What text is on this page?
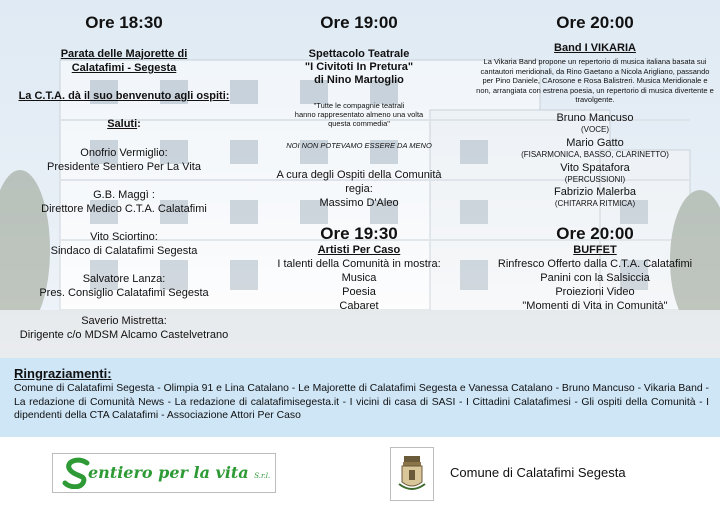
Ore 18:30
Parata delle Majorette di
Calatafimi - Segesta
La C.T.A. dà il suo benvenuto agli ospiti:
Saluti:
Onofrio Vermiglio:
Presidente Sentiero Per La Vita
G.B. Maggì :
Direttore Medico C.T.A. Calatafimi
Vito Sciortino:
Sindaco di Calatafimi Segesta
Salvatore Lanza:
Pres. Consiglio Calatafimi Segesta
Saverio Mistretta:
Dirigente c/o MDSM Alcamo Castelvetrano
Ore 19:00
Spettacolo Teatrale
"I Civitoti In Pretura"
di Nino Martoglio
"Tutte le compagnie teatrali
hanno rappresentato almeno una volta
questa commedia"
NOI NON POTEVAMO ESSERE DA MENO
A cura degli Ospiti della Comunità
regia:
Massimo D'Aleo
Ore 19:30
Artisti Per Caso
I talenti della Comunità in mostra:
Musica
Poesia
Cabaret
Ore 20:00
Band I VIKARIA
La Vikaria Band propone un repertorio di musica italiana basata sui cantautori meridionali, da Rino Gaetano a Nicola Arigliano, passando per Pino Daniele, CArosone e Rosa Balistreri. Musica Meridionale e non, arrangiata con estrena poesia, un repertorio di musica divertente e travolgente.
Bruno Mancuso
(VOCE)
Mario Gatto
(FISARMONICA, BASSO, CLARINETTO)
Vito Spatafora
(PERCUSSIONI)
Fabrizio Malerba
(CHITARRA RITMICA)
Ore 20:00
BUFFET
Rinfresco Offerto dalla C.T.A. Calatafimi
Panini con la Salsiccia
Proiezioni Video
"Momenti di Vita in Comunità"
Ringraziamenti:
Comune di Calatafimi Segesta - Olimpia 91 e Lina Catalano - Le Majorette di Calatafimi Segesta e Vanessa Catalano - Bruno Mancuso - Vikaria Band - La redazione di Comunità News - La redazione di calatafimisegesta.it - I vicini di casa di SASI - I Cittadini Calatafimesi - Gli ospiti della Comunità - I dipendenti della CTA Calatafimi - Associazione Attori Per Caso
entiero per la vita S.r.l.	Comune di Calatafimi Segesta
